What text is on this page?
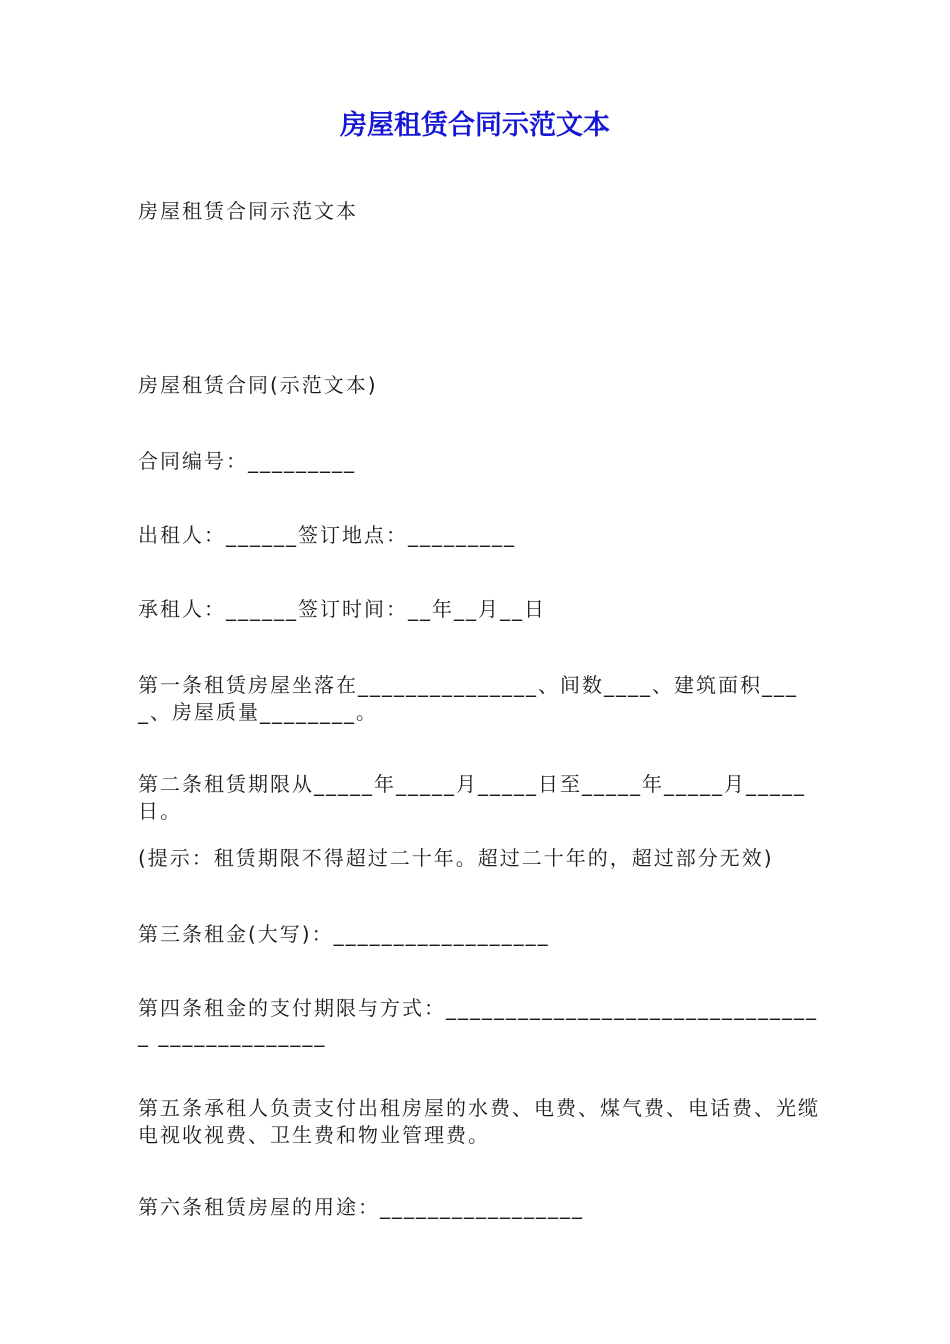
房屋租赁合同示范文本
房屋租赁合同示范文本
房屋租赁合同(示范文本)
合同编号：_________
出租人：______签订地点：_________
承租人：______签订时间：__年__月__日
第一条租赁房屋坐落在_______________、间数____、建筑面积____、房屋质量________。
第二条租赁期限从_____年_____月_____日至_____年_____月_____日。
(提示：租赁期限不得超过二十年。超过二十年的，超过部分无效)
第三条租金(大写)：__________________
第四条租金的支付期限与方式：________________________________ ______________
第五条承租人负责支付出租房屋的水费、电费、煤气费、电话费、光缆电视收视费、卫生费和物业管理费。
第六条租赁房屋的用途：_________________
